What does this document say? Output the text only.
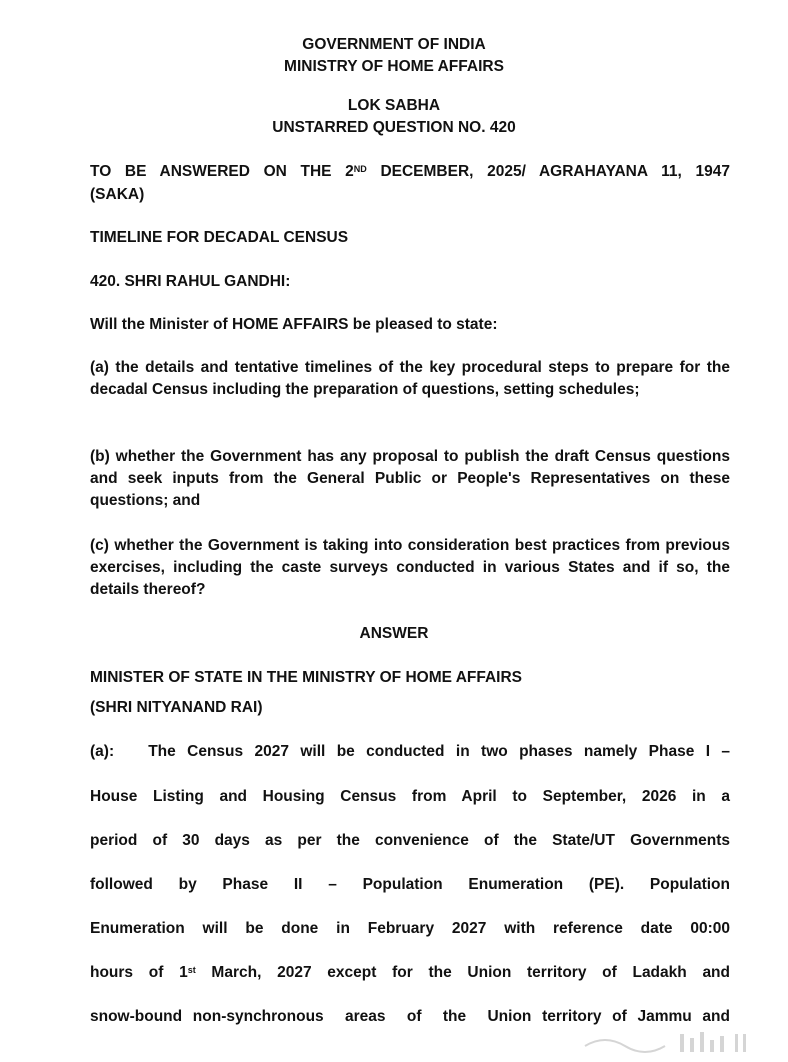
GOVERNMENT OF INDIA

MINISTRY OF HOME AFFAIRS

LOK SABHA

UNSTARRED QUESTION NO. 420

TO BE ANSWERED ON THE 2ND DECEMBER, 2025/ AGRAHAYANA 11, 1947

(SAKA)

TIMELINE FOR DECADAL CENSUS

420. SHRI RAHUL GANDHI:

Will the Minister of HOME AFFAIRS be pleased to state:

(a) the details and tentative timelines of the key procedural steps to prepare for the decadal Census including the preparation of questions, setting schedules;

(b) whether the Government has any proposal to publish the draft Census questions and seek inputs from the General Public or People's Representatives on these questions; and

(c) whether the Government is taking into consideration best practices from previous exercises, including the caste surveys conducted in various States and if so, the details thereof?

ANSWER

MINISTER OF STATE IN THE MINISTRY OF HOME AFFAIRS

(SHRI NITYANAND RAI)

(a):   The Census 2027 will be conducted in two phases namely Phase I –

House Listing and Housing Census from April to September, 2026 in a

period of 30 days as per the convenience of the State/UT Governments

followed by Phase II – Population Enumeration (PE). Population

Enumeration will be done in February 2027 with reference date 00:00

hours of 1st March, 2027 except for the Union territory of Ladakh and

snow-bound non-synchronous  areas  of  the  Union territory of Jammu and
